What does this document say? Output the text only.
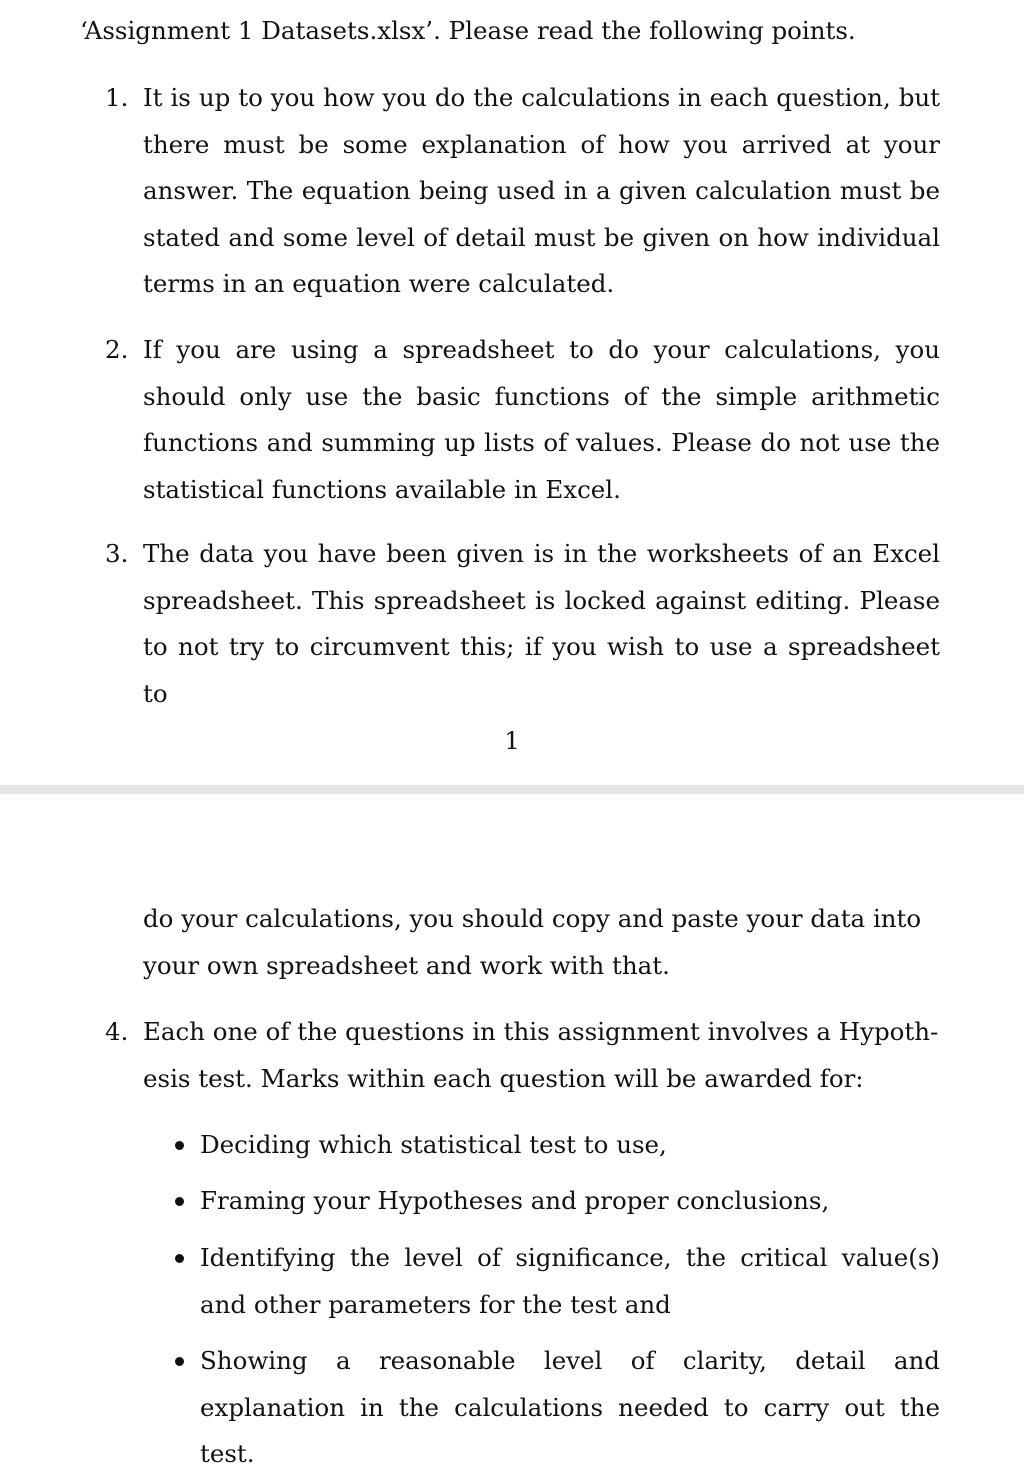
‘Assignment 1 Datasets.xlsx’. Please read the following points.

1. It is up to you how you do the calculations in each question, but there must be some explanation of how you arrived at your answer. The equation being used in a given calculation must be stated and some level of detail must be given on how individual terms in an equation were calculated.

2. If you are using a spreadsheet to do your calculations, you should only use the basic functions of the simple arithmetic functions and summing up lists of values. Please do not use the statistical functions available in Excel.

3. The data you have been given is in the worksheets of an Excel spreadsheet. This spreadsheet is locked against editing. Please to not try to circumvent this; if you wish to use a spreadsheet to

1

do your calculations, you should copy and paste your data into your own spreadsheet and work with that.

4. Each one of the questions in this assignment involves a Hypoth-esis test. Marks within each question will be awarded for:

Deciding which statistical test to use,

Framing your Hypotheses and proper conclusions,

Identifying the level of significance, the critical value(s) and other parameters for the test and

Showing a reasonable level of clarity, detail and explanation in the calculations needed to carry out the test.
